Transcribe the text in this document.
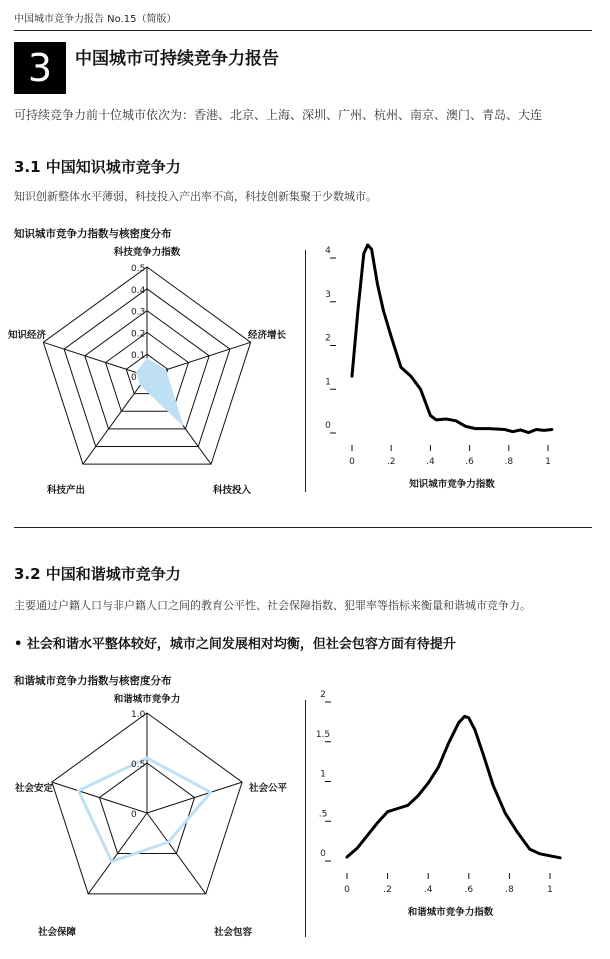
中国城市竞争力报告 No.15（简版）
3	中国城市可持续竞争力报告
可持续竞争力前十位城市依次为：香港、北京、上海、深圳、广州、杭州、南京、澳门、青岛、大连
3.1 中国知识城市竞争力
知识创新整体水平薄弱，科技投入产出率不高，科技创新集聚于少数城市。
知识城市竞争力指数与核密度分布
0
0.1
0.2
0.3
0.4
0.5
科技竞争力指数
经济增长
科技投入
科技产出
知识经济
0	.2	.4	.6	.8	1
0
1
2
3
4
知识城市竞争力指数
3.2 中国和谐城市竞争力
主要通过户籍人口与非户籍人口之间的教育公平性、社会保障指数、犯罪率等指标来衡量和谐城市竞争力。
• 社会和谐水平整体较好，城市之间发展相对均衡，但社会包容方面有待提升
和谐城市竞争力指数与核密度分布
0
0.5
1.0
和谐城市竞争力
社会公平
社会包容
社会保障
社会安定
0	.2	.4	.6	.8	1
0
.5
1
1.5
2
和谐城市竞争力指数
